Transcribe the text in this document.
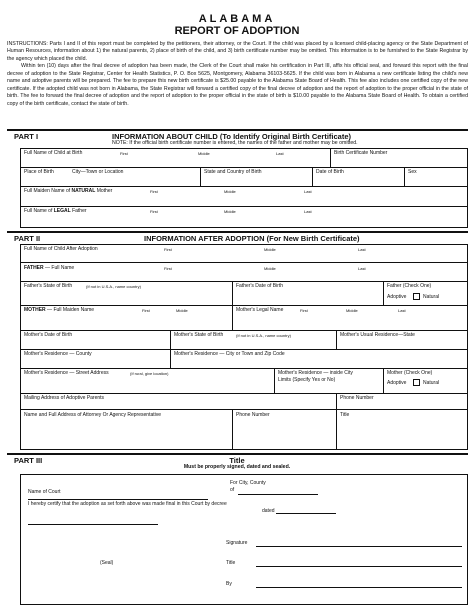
ALABAMA
REPORT OF ADOPTION

INSTRUCTIONS: Parts I and II of this report must be completed by the petitioners, their attorney, or the Court. If the child was placed by a licensed child-placing agency or the State Department of Human Resources, information about 1) the natural parents, 2) place of birth of the child, and 3) birth certificate number may be omitted. This information is to be furnished to the State Registrar by the agency which placed the child.

Within ten (10) days after the final decree of adoption has been made, the Clerk of the Court shall make his certification in Part III, affix his official seal, and forward this report with the final decree of adoption to the State Registrar, Center for Health Statistics, P. O. Box 5625, Montgomery, Alabama 36103-5625. If the child was born in Alabama a new certificate listing the child's new name and adoptive parents will be prepared. The fee to prepare this new birth certificate is $25.00 payable to the Alabama State Board of Health. This fee also includes one certified copy of the new certificate. If the adopted child was not born in Alabama, the State Registrar will forward a certified copy of the final decree of adoption and the report of adoption to the proper official in the state of birth. The fee to forward the final decree of adoption and the report of adoption to the proper official in the state of birth is $10.00 payable to the Alabama State Board of Health. To obtain a certified copy of the birth certificate, contact the state of birth.

PART I	INFORMATION ABOUT CHILD (To Identify Original Birth Certificate)
NOTE: If the official birth certificate number is entered, the names of the father and mother may be omitted.
Full Name of Child at Birth	First	Middle	Last	Birth Certificate Number
Place of Birth	City—Town or Location	State and Country of Birth	Date of Birth	Sex
Full Maiden Name of NATURAL Mother	First	Middle	Last
Full Name of LEGAL Father	First	Middle	Last
PART II	INFORMATION AFTER ADOPTION (For New Birth Certificate)
Full Name of Child After Adoption	First	Middle	Last
FATHER — Full Name	First	Middle	Last
Father's State of Birth	(If not in U.S.A., name country)	Father's Date of Birth	Father (Check One)
Adoptive	Natural
MOTHER — Full Maiden Name	First	Middle	Mother's Legal Name	First	Middle	Last
Mother's Date of Birth	Mother's State of Birth	(If not in U.S.A., name country)	Mother's Usual Residence—State
Mother's Residence — County	Mother's Residence — City or Town and Zip Code
Mother's Residence — Street Address	(If rural, give location)	Mother's Residence — inside City
Limits (Specify Yes or No)
Mother (Check One)
Adoptive	Natural
Mailing Address of Adoptive Parents	Phone Number
Name and Full Address of Attorney Or Agency Representative	Phone Number	Title
PART III	Title
Must be properly signed, dated and sealed.
For City, County
of
Name of Court
I hereby certify that the adoption as set forth above was made final in this Court by decree
dated
Signature
(Seal)	Title
By
